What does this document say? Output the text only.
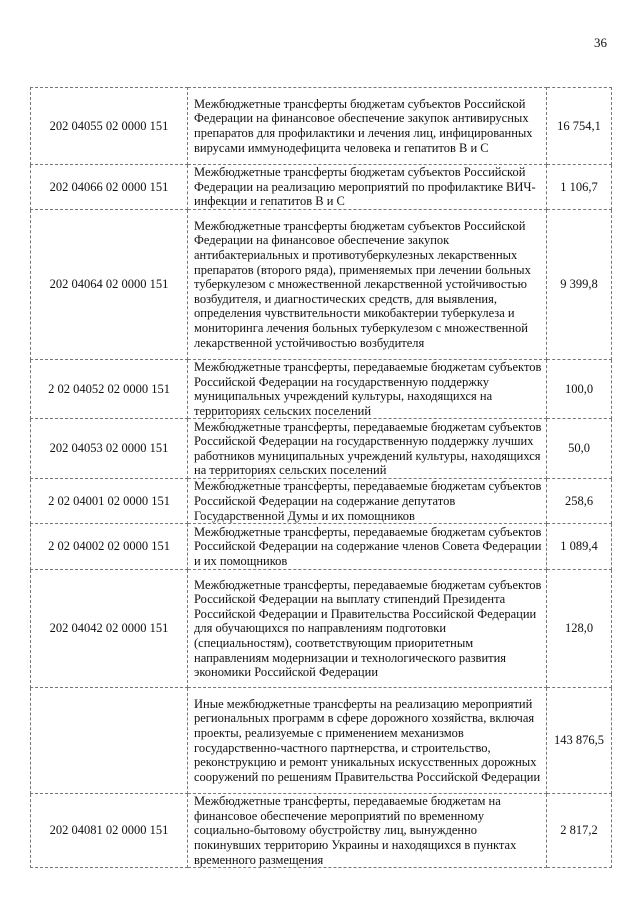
36
202 04055 02 0000 151	Межбюджетные трансферты бюджетам субъектов Российской Федерации на финансовое обеспечение закупок антивирусных препаратов для профилактики и лечения лиц, инфицированных вирусами иммунодефицита человека и гепатитов В и С	16 754,1
202 04066 02 0000 151	Межбюджетные трансферты бюджетам субъектов Российской Федерации на реализацию мероприятий по профилактике ВИЧ-инфекции и гепатитов В и С	1 106,7
202 04064 02 0000 151	Межбюджетные трансферты бюджетам субъектов Российской Федерации на финансовое обеспечение закупок антибактериальных и противотуберкулезных лекарственных препаратов (второго ряда), применяемых при лечении больных туберкулезом с множественной лекарственной устойчивостью возбудителя, и диагностических средств, для выявления, определения чувствительности микобактерии туберкулеза и мониторинга лечения больных туберкулезом с множественной лекарственной устойчивостью возбудителя	9 399,8
2 02 04052 02 0000 151	Межбюджетные трансферты, передаваемые бюджетам субъектов Российской Федерации на государственную поддержку муниципальных учреждений культуры, находящихся на территориях сельских поселений	100,0
202 04053 02 0000 151	Межбюджетные трансферты, передаваемые бюджетам субъектов Российской Федерации на государственную поддержку лучших работников муниципальных учреждений культуры, находящихся на территориях сельских поселений	50,0
2 02 04001 02 0000 151	Межбюджетные трансферты, передаваемые бюджетам субъектов Российской Федерации на содержание депутатов Государственной Думы и их помощников	258,6
2 02 04002 02 0000 151	Межбюджетные трансферты, передаваемые бюджетам субъектов Российской Федерации на содержание членов Совета Федерации и их помощников	1 089,4
202 04042 02 0000 151	Межбюджетные трансферты, передаваемые бюджетам субъектов Российской Федерации на выплату стипендий Президента Российской Федерации и Правительства Российской Федерации для обучающихся по направлениям подготовки (специальностям), соответствующим приоритетным направлениям модернизации и технологического развития экономики Российской Федерации	128,0
	Иные межбюджетные трансферты на реализацию мероприятий региональных программ в сфере дорожного хозяйства, включая проекты, реализуемые с применением механизмов государственно-частного партнерства, и строительство, реконструкцию и ремонт уникальных искусственных дорожных сооружений по решениям Правительства Российской Федерации	143 876,5
202 04081 02 0000 151	Межбюджетные трансферты, передаваемые бюджетам на финансовое обеспечение мероприятий по временному социально-бытовому обустройству лиц, вынужденно покинувших территорию Украины и находящихся в пунктах временного размещения	2 817,2
